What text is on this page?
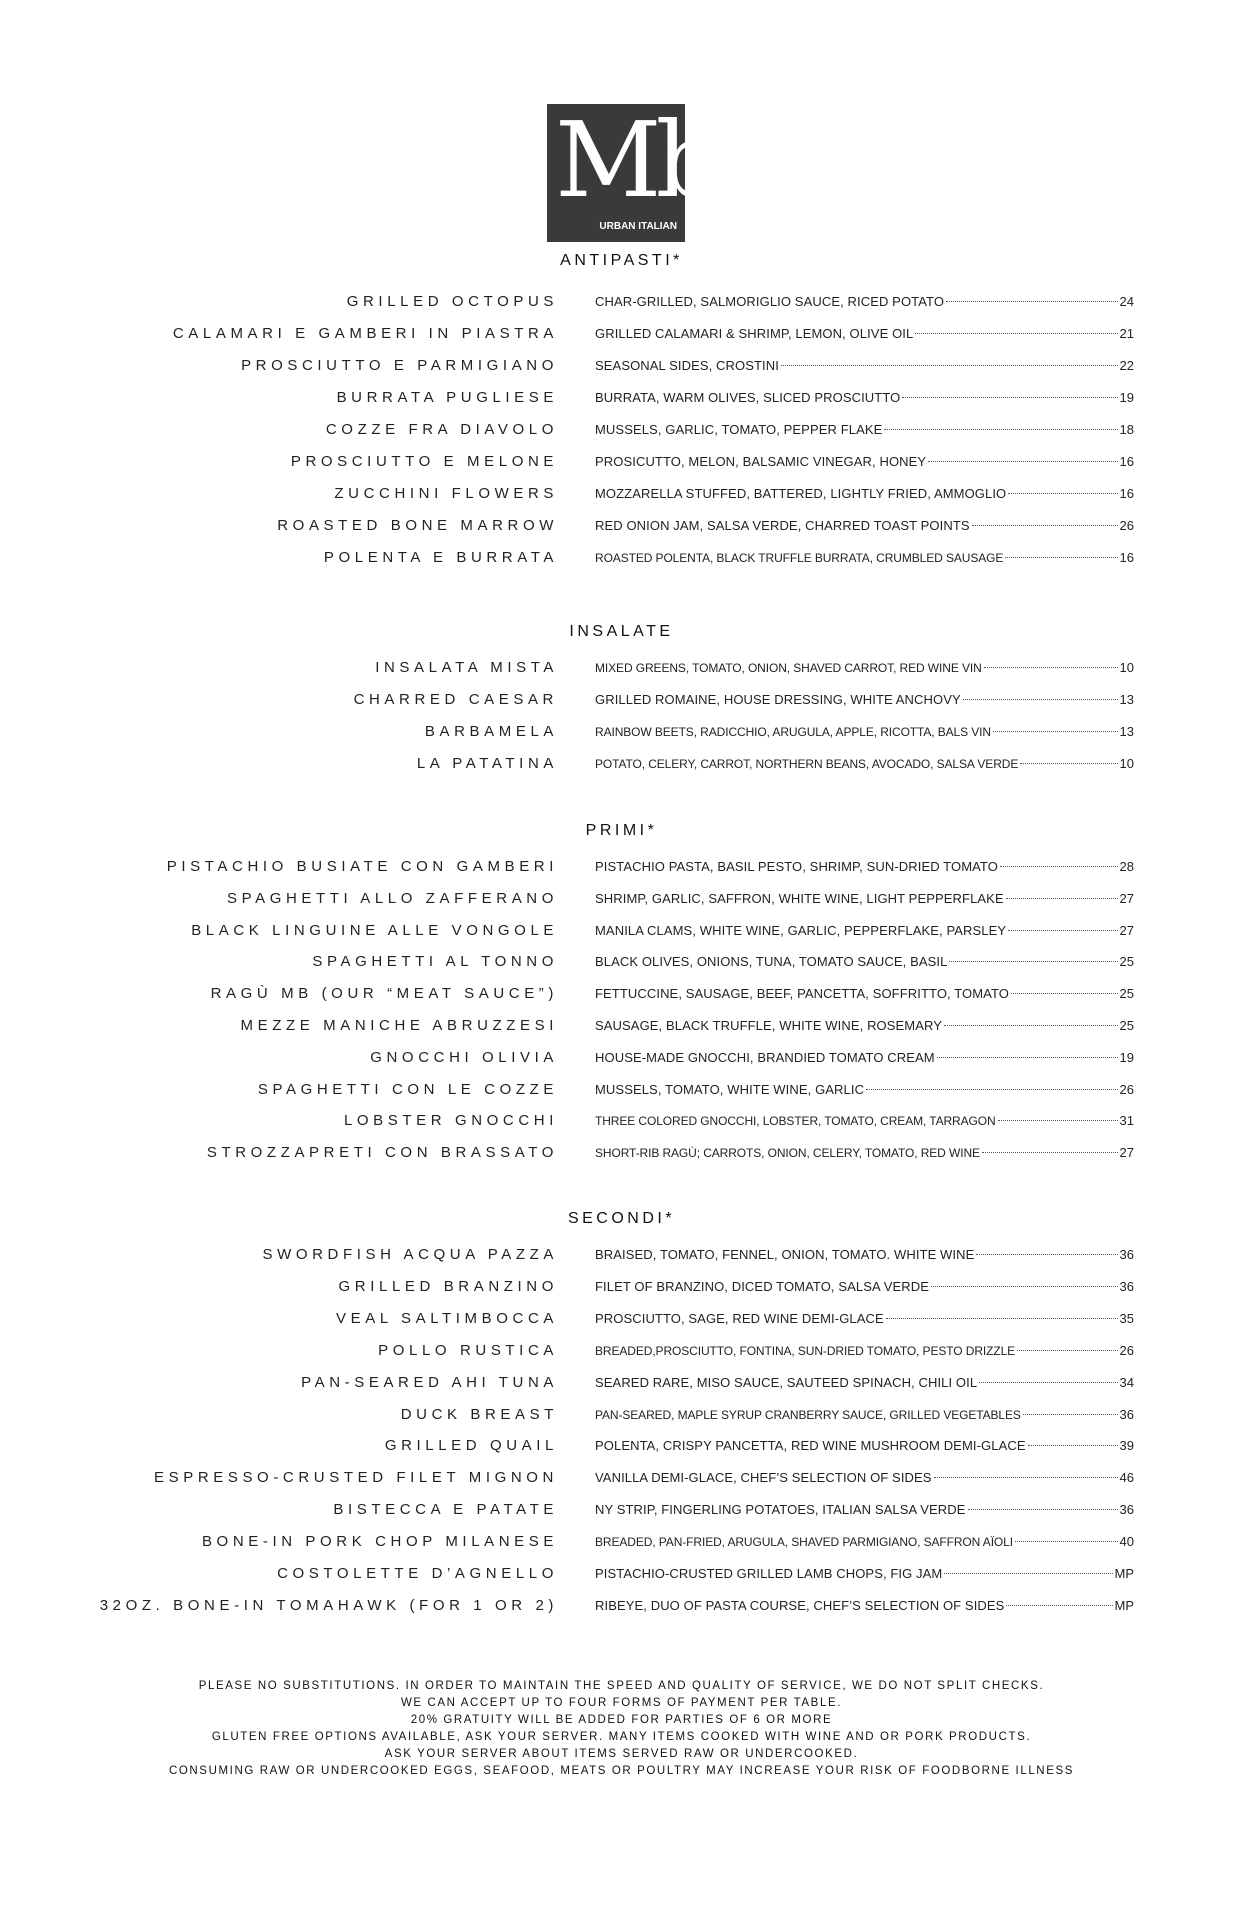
Mb
URBAN ITALIAN
ANTIPASTI*
INSALATE
PRIMI*
SECONDI*
GRILLED OCTOPUS	CHAR-GRILLED, SALMORIGLIO SAUCE, RICED POTATO	24
CALAMARI E GAMBERI IN PIASTRA	GRILLED CALAMARI & SHRIMP, LEMON, OLIVE OIL	21
PROSCIUTTO E PARMIGIANO	SEASONAL SIDES, CROSTINI	22
BURRATA PUGLIESE	BURRATA, WARM OLIVES, SLICED PROSCIUTTO	19
COZZE FRA DIAVOLO	MUSSELS, GARLIC, TOMATO, PEPPER FLAKE	18
PROSCIUTTO E MELONE	PROSICUTTO, MELON, BALSAMIC VINEGAR, HONEY	16
ZUCCHINI FLOWERS	MOZZARELLA STUFFED, BATTERED, LIGHTLY FRIED, AMMOGLIO	16
ROASTED BONE MARROW	RED ONION JAM, SALSA VERDE, CHARRED TOAST POINTS	26
POLENTA E BURRATA	ROASTED POLENTA, BLACK TRUFFLE BURRATA, CRUMBLED SAUSAGE	16
INSALATA MISTA	MIXED GREENS, TOMATO, ONION, SHAVED CARROT, RED WINE VIN	10
CHARRED CAESAR	GRILLED ROMAINE, HOUSE DRESSING, WHITE ANCHOVY	13
BARBAMELA	RAINBOW BEETS, RADICCHIO, ARUGULA, APPLE, RICOTTA, BALS VIN	13
LA PATATINA	POTATO, CELERY, CARROT, NORTHERN BEANS, AVOCADO, SALSA VERDE	10
PISTACHIO BUSIATE CON GAMBERI	PISTACHIO PASTA, BASIL PESTO, SHRIMP, SUN-DRIED TOMATO	28
SPAGHETTI ALLO ZAFFERANO	SHRIMP, GARLIC, SAFFRON, WHITE WINE, LIGHT PEPPERFLAKE	27
BLACK LINGUINE ALLE VONGOLE	MANILA CLAMS, WHITE WINE, GARLIC, PEPPERFLAKE, PARSLEY	27
SPAGHETTI AL TONNO	BLACK OLIVES, ONIONS, TUNA, TOMATO SAUCE, BASIL	25
RAGÙ MB (OUR “MEAT SAUCE”)	FETTUCCINE, SAUSAGE, BEEF, PANCETTA, SOFFRITTO, TOMATO	25
MEZZE MANICHE ABRUZZESI	SAUSAGE, BLACK TRUFFLE, WHITE WINE, ROSEMARY	25
GNOCCHI OLIVIA	HOUSE-MADE GNOCCHI, BRANDIED TOMATO CREAM	19
SPAGHETTI CON LE COZZE	MUSSELS, TOMATO, WHITE WINE, GARLIC	26
LOBSTER GNOCCHI	THREE COLORED GNOCCHI, LOBSTER, TOMATO, CREAM, TARRAGON	31
STROZZAPRETI CON BRASSATO	SHORT-RIB RAGÙ; CARROTS, ONION, CELERY, TOMATO, RED WINE	27
SWORDFISH ACQUA PAZZA	BRAISED, TOMATO, FENNEL, ONION, TOMATO. WHITE WINE	36
GRILLED BRANZINO	FILET OF BRANZINO, DICED TOMATO, SALSA VERDE	36
VEAL SALTIMBOCCA	PROSCIUTTO, SAGE, RED WINE DEMI-GLACE	35
POLLO RUSTICA	BREADED,PROSCIUTTO, FONTINA, SUN-DRIED TOMATO, PESTO DRIZZLE	26
PAN-SEARED AHI TUNA	SEARED RARE, MISO SAUCE, SAUTEED SPINACH, CHILI OIL	34
DUCK BREAST	PAN-SEARED, MAPLE SYRUP CRANBERRY SAUCE, GRILLED VEGETABLES	36
GRILLED QUAIL	POLENTA, CRISPY PANCETTA, RED WINE MUSHROOM DEMI-GLACE	39
ESPRESSO-CRUSTED FILET MIGNON	VANILLA DEMI-GLACE, CHEF’S SELECTION OF SIDES	46
BISTECCA E PATATE	NY STRIP, FINGERLING POTATOES, ITALIAN SALSA VERDE	36
BONE-IN PORK CHOP MILANESE	BREADED, PAN-FRIED, ARUGULA, SHAVED PARMIGIANO, SAFFRON AÏOLI	40
COSTOLETTE D’AGNELLO	PISTACHIO-CRUSTED GRILLED LAMB CHOPS, FIG JAM	MP
32OZ. BONE-IN TOMAHAWK (FOR 1 OR 2)	RIBEYE, DUO OF PASTA COURSE, CHEF’S SELECTION OF SIDES	MP
PLEASE NO SUBSTITUTIONS. IN ORDER TO MAINTAIN THE SPEED AND QUALITY OF SERVICE, WE DO NOT SPLIT CHECKS.
WE CAN ACCEPT UP TO FOUR FORMS OF PAYMENT PER TABLE.
20% GRATUITY WILL BE ADDED FOR PARTIES OF 6 OR MORE
GLUTEN FREE OPTIONS AVAILABLE, ASK YOUR SERVER. MANY ITEMS COOKED WITH WINE AND OR PORK PRODUCTS.
ASK YOUR SERVER ABOUT ITEMS SERVED RAW OR UNDERCOOKED.
CONSUMING RAW OR UNDERCOOKED EGGS, SEAFOOD, MEATS OR POULTRY MAY INCREASE YOUR RISK OF FOODBORNE ILLNESS
